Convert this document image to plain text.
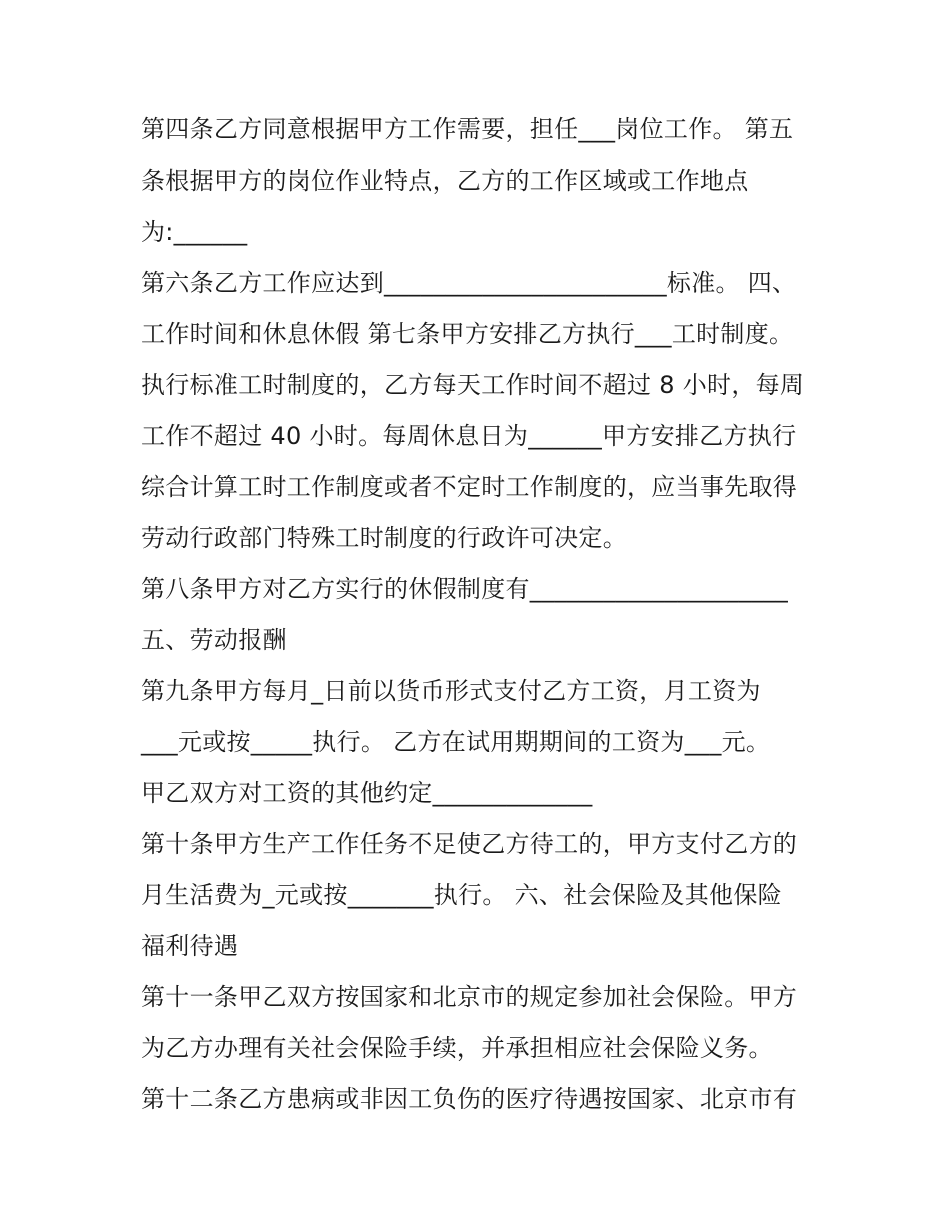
第四条乙方同意根据甲方工作需要，担任___岗位工作。 第五
条根据甲方的岗位作业特点，乙方的工作区域或工作地点
为:______
第六条乙方工作应达到_______________________标准。 四、
工作时间和休息休假 第七条甲方安排乙方执行___工时制度。
执行标准工时制度的，乙方每天工作时间不超过 8 小时，每周
工作不超过 40 小时。每周休息日为______甲方安排乙方执行
综合计算工时工作制度或者不定时工作制度的，应当事先取得
劳动行政部门特殊工时制度的行政许可决定。
第八条甲方对乙方实行的休假制度有_____________________
五、劳动报酬
第九条甲方每月_日前以货币形式支付乙方工资，月工资为
___元或按_____执行。 乙方在试用期期间的工资为___元。
甲乙双方对工资的其他约定_____________
第十条甲方生产工作任务不足使乙方待工的，甲方支付乙方的
月生活费为_元或按_______执行。 六、社会保险及其他保险
福利待遇
第十一条甲乙双方按国家和北京市的规定参加社会保险。甲方
为乙方办理有关社会保险手续，并承担相应社会保险义务。
第十二条乙方患病或非因工负伤的医疗待遇按国家、北京市有
